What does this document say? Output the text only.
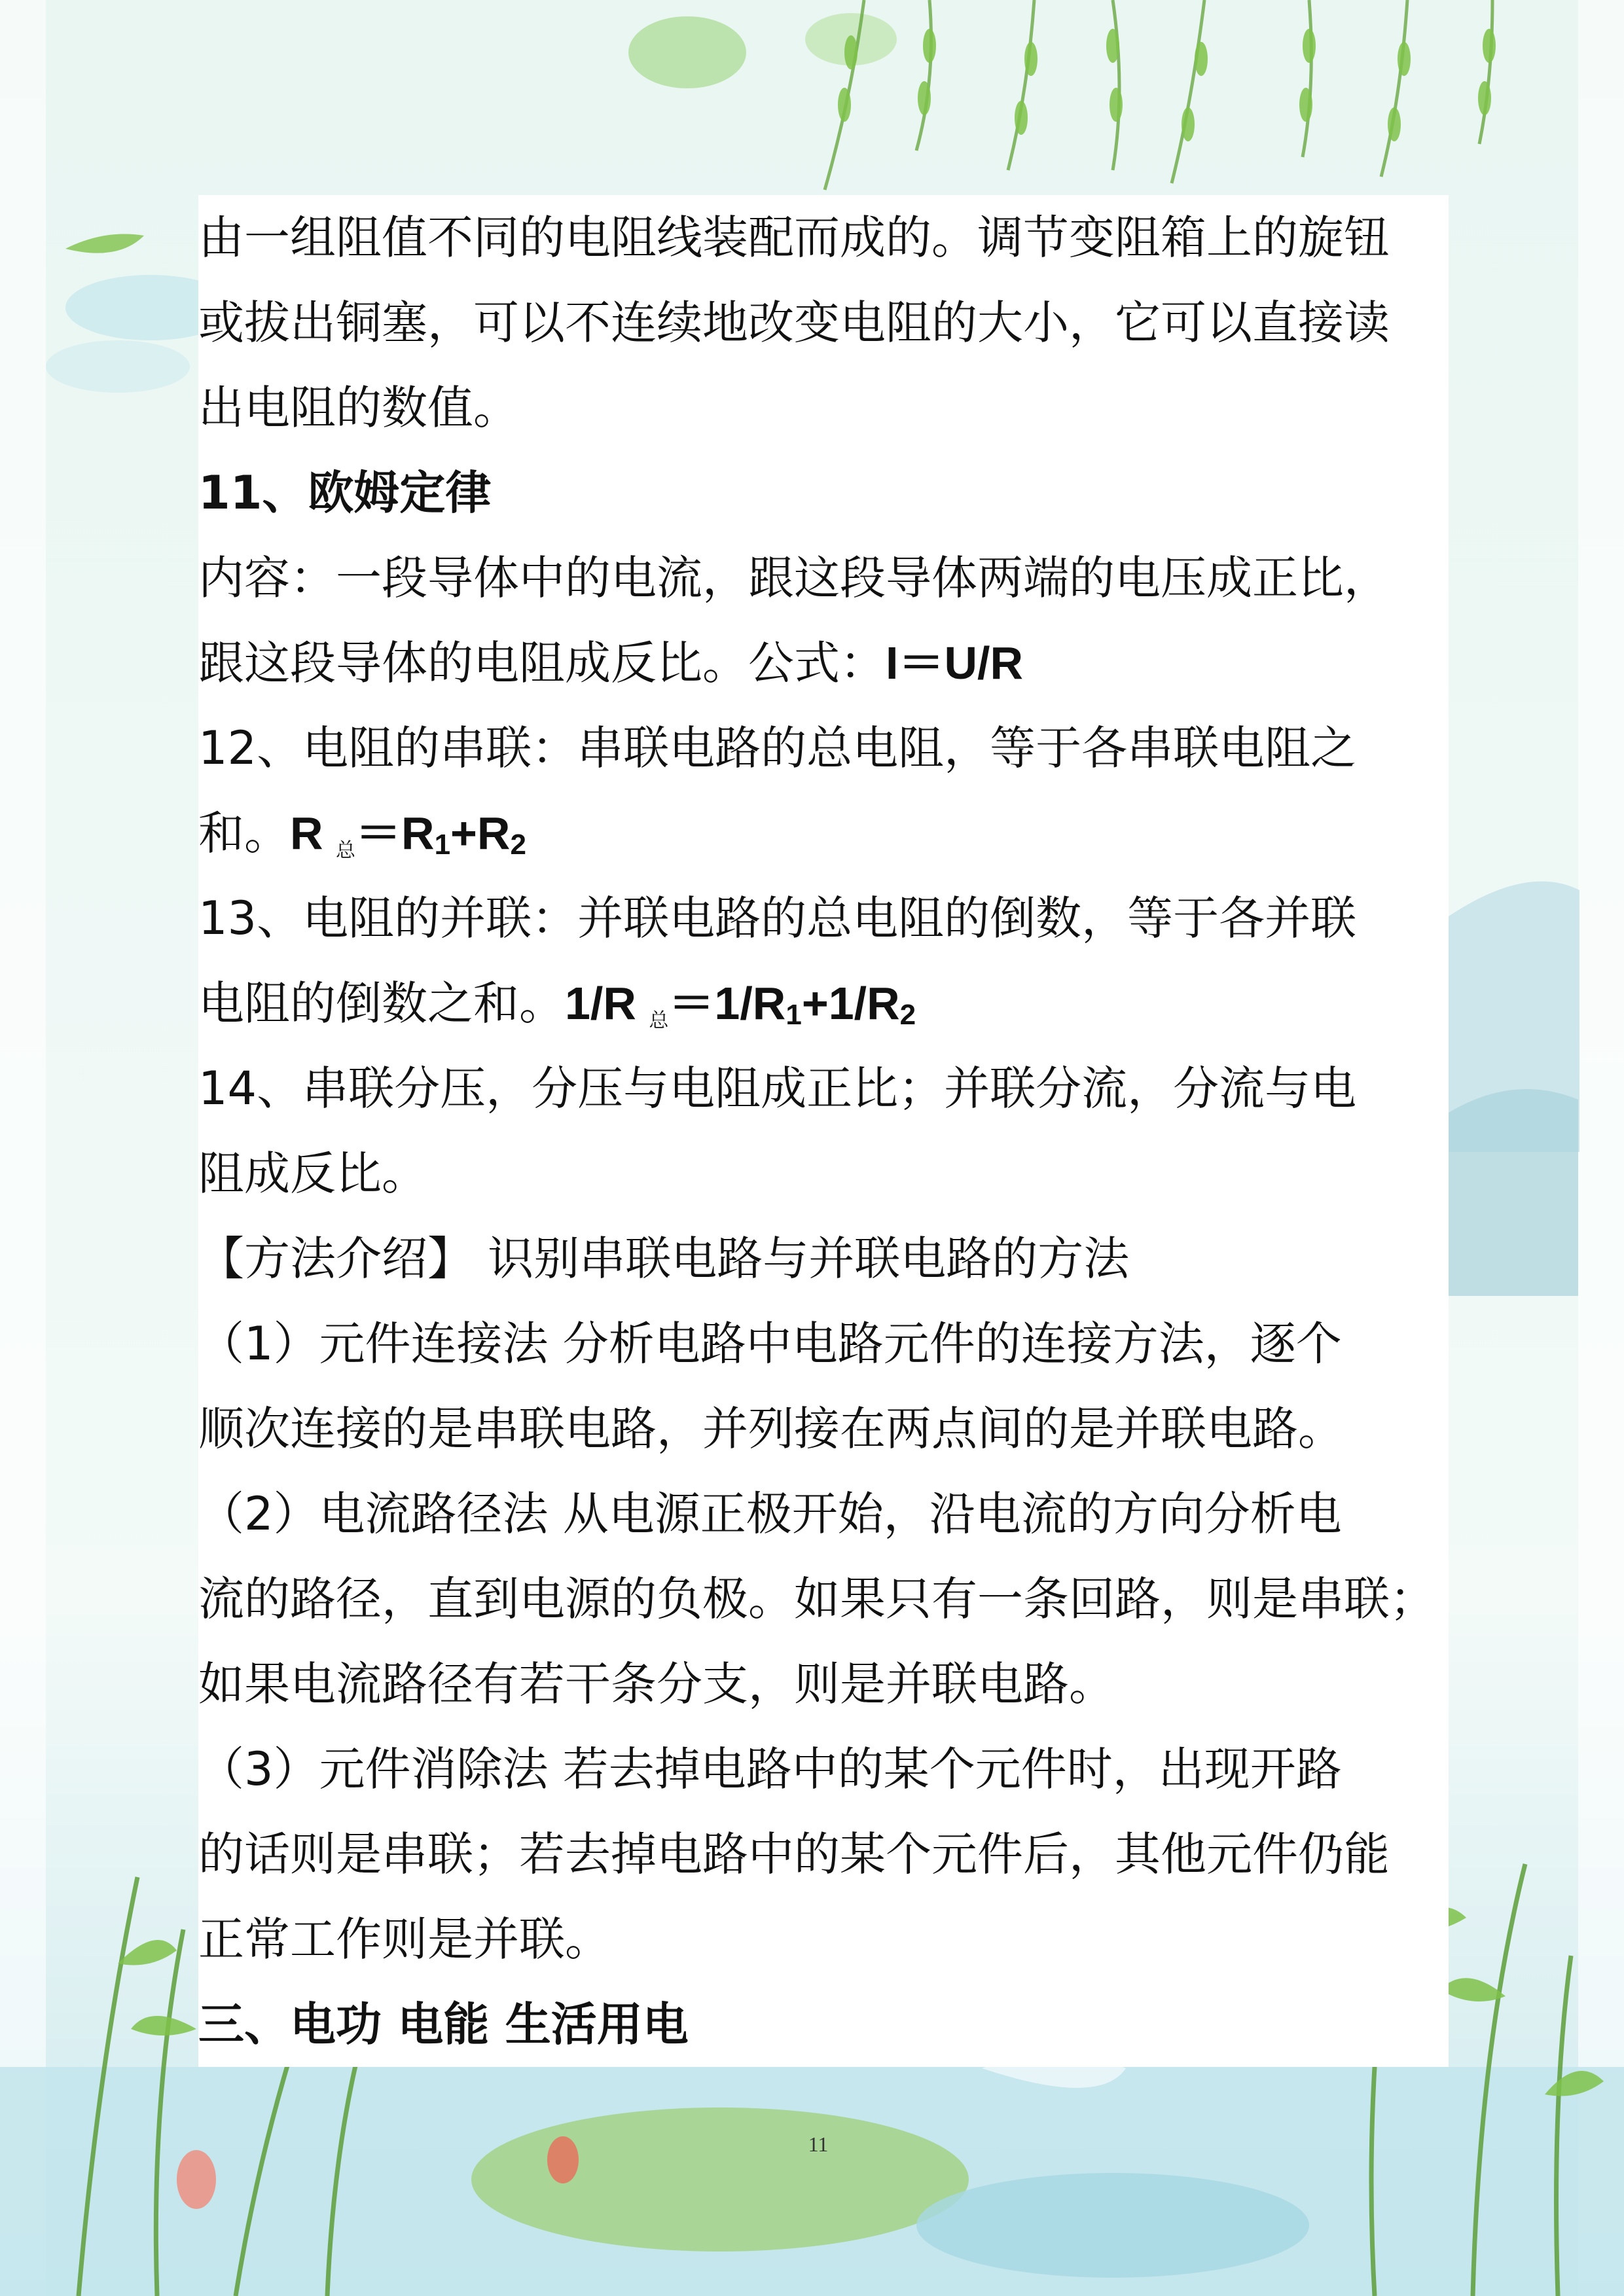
由一组阻值不同的电阻线装配而成的。调节变阻箱上的旋钮
或拔出铜塞，可以不连续地改变电阻的大小，它可以直接读
出电阻的数值。
11、欧姆定律
内容：一段导体中的电流，跟这段导体两端的电压成正比，
跟这段导体的电阻成反比。公式：I＝U/R
12、电阻的串联：串联电路的总电阻，等于各串联电阻之
和。R 总＝R1+R2
13、电阻的并联：并联电路的总电阻的倒数，等于各并联
电阻的倒数之和。1/R 总＝1/R1+1/R2
14、串联分压，分压与电阻成正比；并联分流，分流与电
阻成反比。
【方法介绍】 识别串联电路与并联电路的方法
（1）元件连接法 分析电路中电路元件的连接方法，逐个
顺次连接的是串联电路，并列接在两点间的是并联电路。
（2）电流路径法 从电源正极开始，沿电流的方向分析电
流的路径，直到电源的负极。如果只有一条回路，则是串联；
如果电流路径有若干条分支，则是并联电路。
（3）元件消除法 若去掉电路中的某个元件时，出现开路
的话则是串联；若去掉电路中的某个元件后，其他元件仍能
正常工作则是并联。
三、电功 电能 生活用电
11
